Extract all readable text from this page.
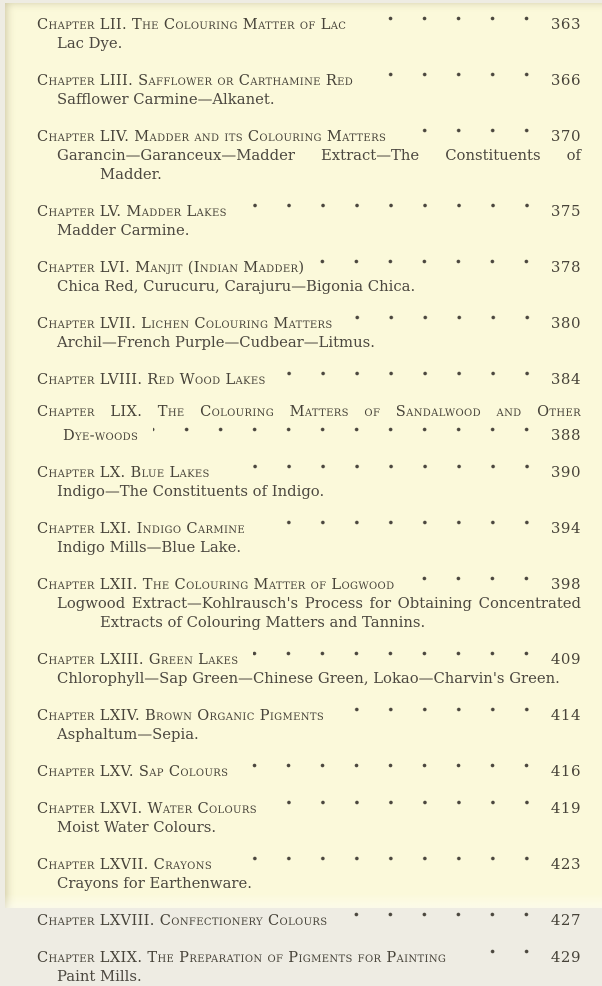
Chapter LII. The Colouring Matter of Lac	363
Lac Dye.
Chapter LIII. Safflower or Carthamine Red	366
Safflower Carmine—Alkanet.
Chapter LIV. Madder and its Colouring Matters	370
Garancin—Garanceux—Madder Extract—The Constituents of Madder.
Chapter LV. Madder Lakes	375
Madder Carmine.
Chapter LVI. Manjit (Indian Madder)	378
Chica Red, Curucuru, Carajuru—Bigonia Chica.
Chapter LVII. Lichen Colouring Matters	380
Archil—French Purple—Cudbear—Litmus.
Chapter LVIII. Red Wood Lakes	384
Chapter LIX. The Colouring Matters of Sandalwood and Other
Dye-woods	388
Chapter LX. Blue Lakes	390
Indigo—The Constituents of Indigo.
Chapter LXI. Indigo Carmine	394
Indigo Mills—Blue Lake.
Chapter LXII. The Colouring Matter of Logwood	398
Logwood Extract—Kohlrausch's Process for Obtaining Concentrated
Extracts of Colouring Matters and Tannins.
Chapter LXIII. Green Lakes	409
Chlorophyll—Sap Green—Chinese Green, Lokao—Charvin's Green.
Chapter LXIV. Brown Organic Pigments	414
Asphaltum—Sepia.
Chapter LXV. Sap Colours	416
Chapter LXVI. Water Colours	419
Moist Water Colours.
Chapter LXVII. Crayons	423
Crayons for Earthenware.
Chapter LXVIII. Confectionery Colours	427
Chapter LXIX. The Preparation of Pigments for Painting	429
Paint Mills.
